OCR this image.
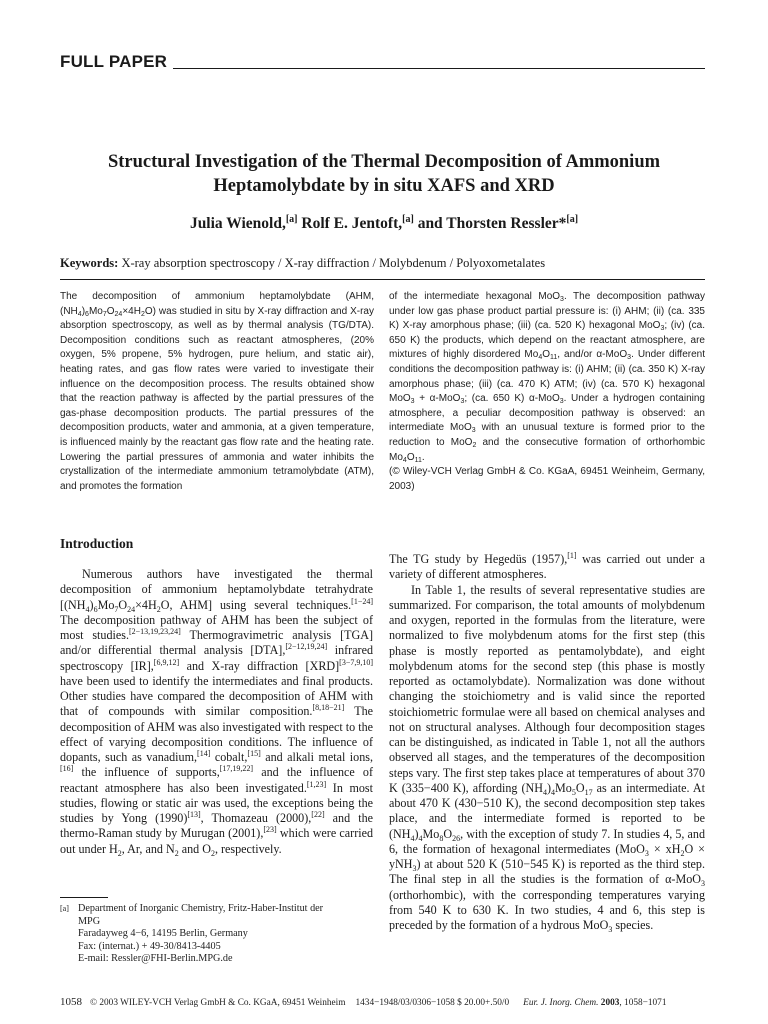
FULL PAPER
Structural Investigation of the Thermal Decomposition of Ammonium
Heptamolybdate by in situ XAFS and XRD
Julia Wienold,[a] Rolf E. Jentoft,[a] and Thorsten Ressler*[a]
Keywords: X-ray absorption spectroscopy / X-ray diffraction / Molybdenum / Polyoxometalates
The decomposition of ammonium heptamolybdate (AHM, $(NH_4)_6Mo_7O_{24}\times 4H_2O$) was studied in situ by X-ray diffraction and X-ray absorption spectroscopy, as well as by thermal analysis (TG/DTA). Decomposition conditions such as reactant atmospheres, (20% oxygen, 5% propene, 5% hydrogen, pure helium, and static air), heating rates, and gas flow rates were varied to investigate their influence on the decomposition process. The results obtained show that the reaction pathway is affected by the partial pressures of the gas-phase decomposition products. The partial pressures of the decomposition products, water and ammonia, at a given temperature, is influenced mainly by the reactant gas flow rate and the heating rate. Lowering the partial pressures of ammonia and water inhibits the crystallization of the intermediate ammonium tetramolybdate (ATM), and promotes the formation
of the intermediate hexagonal MoO$_3$. The decomposition pathway under low gas phase product partial pressure is: (i) AHM; (ii) (ca. 335 K) X-ray amorphous phase; (iii) (ca. 520 K) hexagonal MoO$_3$; (iv) (ca. 650 K) the products, which depend on the reactant atmosphere, are mixtures of highly disordered $Mo_4O_{11}$, and/or α-MoO$_3$. Under different conditions the decomposition pathway is: (i) AHM; (ii) (ca. 350 K) X-ray amorphous phase; (iii) (ca. 470 K) ATM; (iv) (ca. 570 K) hexagonal MoO$_3$ + α-MoO$_3$; (ca. 650 K) α-MoO$_3$. Under a hydrogen containing atmosphere, a peculiar decomposition pathway is observed: an intermediate MoO$_3$ with an unusual texture is formed prior to the reduction to MoO$_2$ and the consecutive formation of orthorhombic $Mo_4O_{11}$.
(© Wiley-VCH Verlag GmbH & Co. KGaA, 69451 Weinheim, Germany, 2003)
Introduction

Numerous authors have investigated the thermal decomposition of ammonium heptamolybdate tetrahydrate [$(NH_4)_6Mo_7O_{24}\times 4H_2O$, AHM] using several techniques.[1−24] The decomposition pathway of AHM has been the subject of most studies.[2−13,19,23,24] Thermogravimetric analysis [TGA] and/or differential thermal analysis [DTA],[2−12,19,24] infrared spectroscopy [IR],[6,9,12] and X-ray diffraction [XRD][3−7,9,10] have been used to identify the intermediates and final products. Other studies have compared the decomposition of AHM with that of compounds with similar composition.[8,18−21] The decomposition of AHM was also investigated with respect to the effect of varying decomposition conditions. The influence of dopants, such as vanadium,[14] cobalt,[15] and alkali metal ions,[16] the influence of supports,[17,19,22] and the influence of reactant atmosphere has also been investigated.[1,23] In most studies, flowing or static air was used, the exceptions being the studies by Yong (1990)[13], Thomazeau (2000),[22] and the thermo-Raman study by Murugan (2001),[23] which were carried out under $H_2$, Ar, and $N_2$ and $O_2$, respectively.

The TG study by Hegedüs (1957),[1] was carried out under a variety of different atmospheres.

In Table 1, the results of several representative studies are summarized. For comparison, the total amounts of molybdenum and oxygen, reported in the formulas from the literature, were normalized to five molybdenum atoms for the first step (this phase is mostly reported as pentamolybdate), and eight molybdenum atoms for the second step (this phase is mostly reported as octamolybdate). Normalization was done without changing the stoichiometry and is valid since the reported stoichiometric formulae were all based on chemical analyses and not on structural analyses. Although four decomposition stages can be distinguished, as indicated in Table 1, not all the authors observed all stages, and the temperatures of the decomposition steps vary. The first step takes place at temperatures of about 370 K (335−400 K), affording $(NH_4)_4Mo_5O_{17}$ as an intermediate. At about 470 K (430−510 K), the second decomposition step takes place, and the intermediate formed is reported to be $(NH_4)_4Mo_8O_{26}$, with the exception of study 7. In studies 4, 5, and 6, the formation of hexagonal intermediates $(MoO_3 \times xH_2O \times yNH_3)$ at about 520 K (510−545 K) is reported as the third step. The final step in all the studies is the formation of α-MoO$_3$ (orthorhombic), with the corresponding temperatures varying from 540 K to 630 K. In two studies, 4 and 6, this step is preceded by the formation of a hydrous MoO$_3$ species.

[a] Department of Inorganic Chemistry, Fritz-Haber-Institut der
MPG
Faradayweg 4−6, 14195 Berlin, Germany
Fax: (internat.) + 49-30/8413-4405
E-mail: Ressler@FHI-Berlin.MPG.de
1058 © 2003 WILEY-VCH Verlag GmbH & Co. KGaA, 69451 Weinheim 1434−1948/03/0306−1058 $ 20.00+.50/0 Eur. J. Inorg. Chem. 2003, 1058−1071
